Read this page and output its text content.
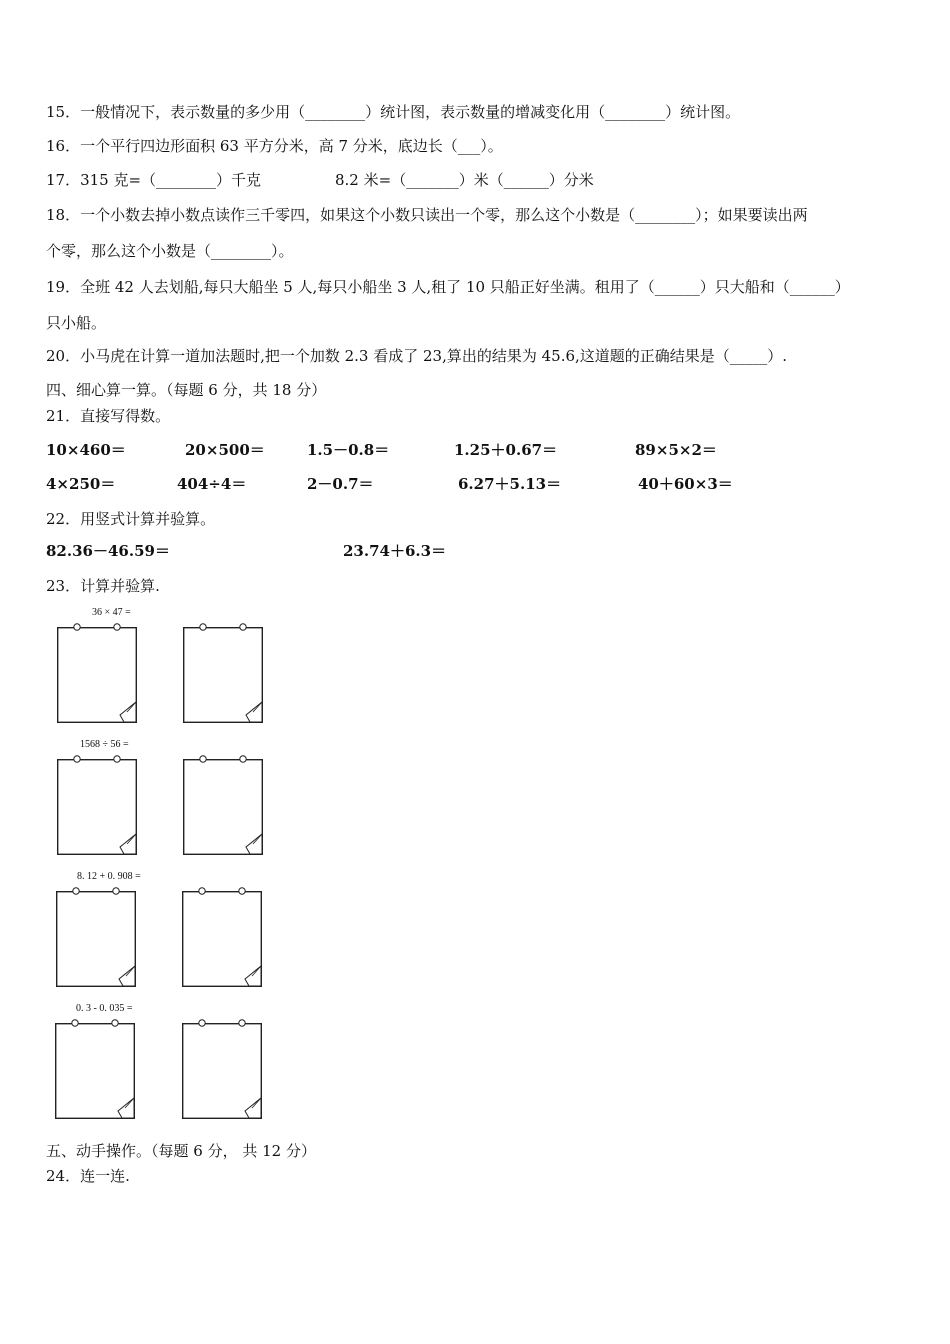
15．一般情况下，表示数量的多少用（________）统计图，表示数量的增减变化用（________）统计图。
16．一个平行四边形面积 63 平方分米，高 7 分米，底边长（___）。
17．315 克=（________）千克	8.2 米=（_______）米（______）分米
18．一个小数去掉小数点读作三千零四，如果这个小数只读出一个零，那么这个小数是（________）；如果要读出两
个零，那么这个小数是（________）。
19．全班 42 人去划船,每只大船坐 5 人,每只小船坐 3 人,租了 10 只船正好坐满。租用了（______）只大船和（______）
只小船。
20．小马虎在计算一道加法题时,把一个加数 2.3 看成了 23,算出的结果为 45.6,这道题的正确结果是（_____）.
四、细心算一算。（每题 6 分，共 18 分）
21．直接写得数。
10×460＝	20×500＝	1.5－0.8＝	1.25＋0.67＝	89×5×2＝
4×250＝	404÷4＝	2－0.7＝	6.27＋5.13＝	40＋60×3＝
22．用竖式计算并验算。
82.36－46.59＝	23.74＋6.3＝
23．计算并验算.
36 × 47 =
1568 ÷ 56 =
8. 12 + 0. 908 =
0. 3 - 0. 035 =
五、动手操作。（每题 6 分， 共 12 分）
24．连一连.
